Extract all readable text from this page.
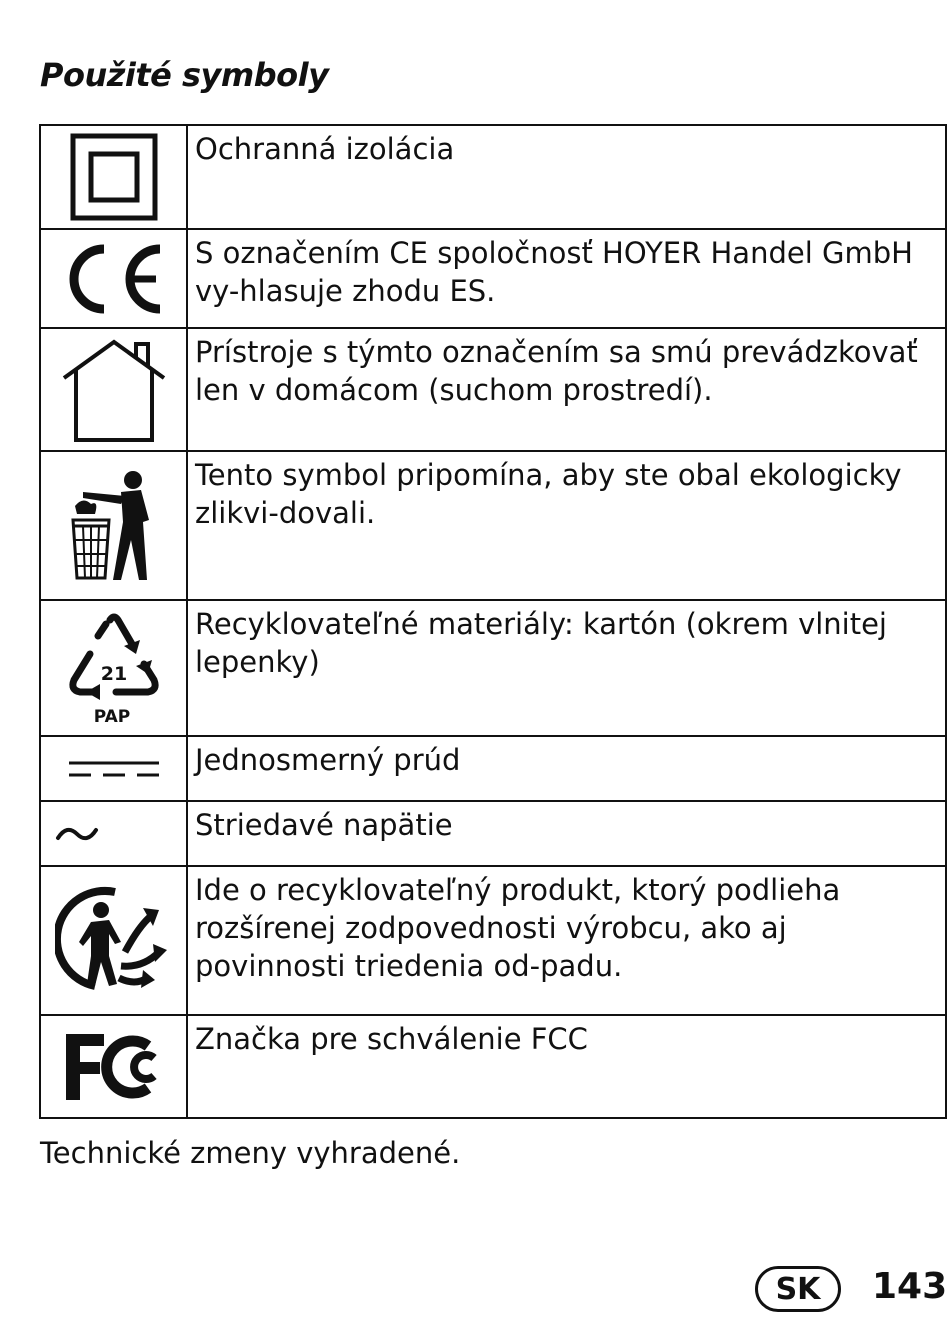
Použité symboly
	Ochranná izolácia
	S označením CE spoločnosť HOYER Handel GmbH vy-hlasuje zhodu ES.
	Prístroje s týmto označením sa smú prevádzkovať len v domácom (suchom prostredí).
	Tento symbol pripomína, aby ste obal ekologicky zlikvi-dovali.

21
PAP	Recyklovateľné materiály: kartón (okrem vlnitej lepenky)
	Jednosmerný prúd
	Striedavé napätie
	Ide o recyklovateľný produkt, ktorý podlieha rozšírenej zodpovednosti výrobcu, ako aj povinnosti triedenia od-padu.
	Značka pre schválenie FCC

Technické zmeny vyhradené.

SK	143
